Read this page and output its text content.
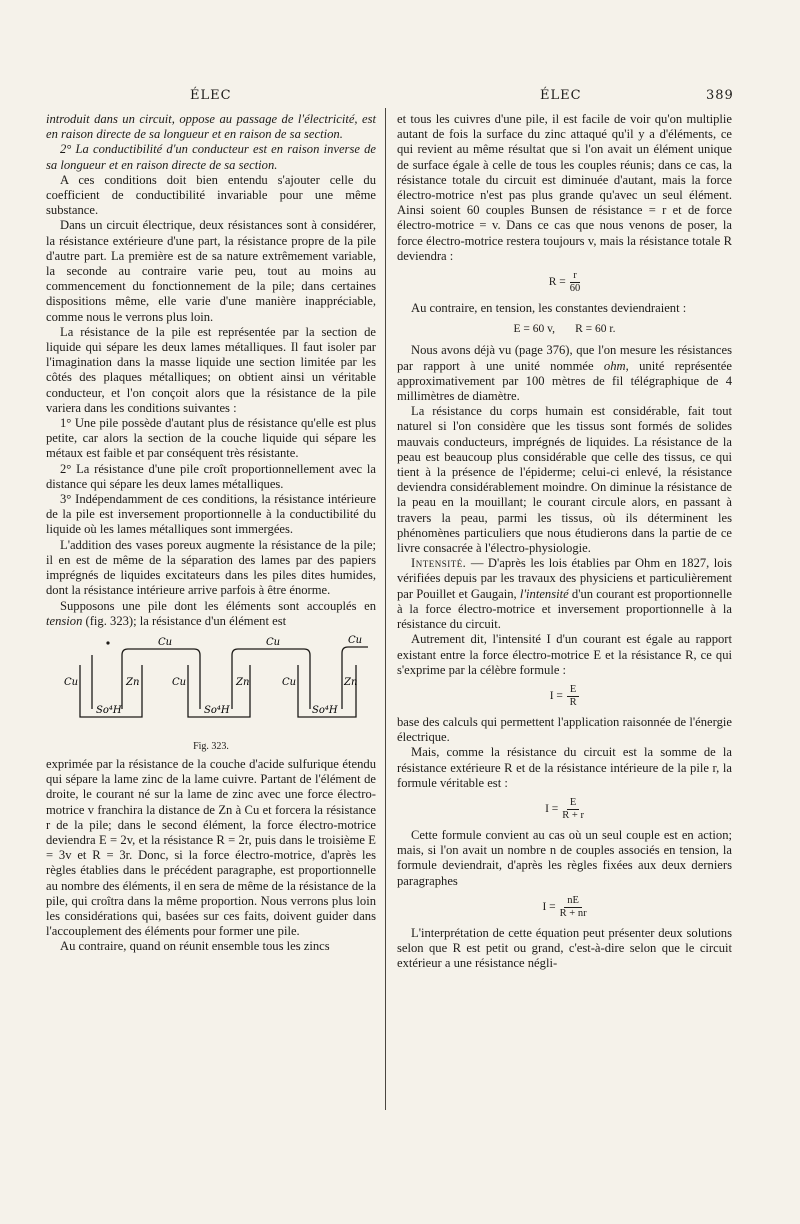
ÉLEC	ÉLEC	389

introduit dans un circuit, oppose au passage de l'électricité, est en raison directe de sa longueur et en raison de sa section.

2° La conductibilité d'un conducteur est en raison inverse de sa longueur et en raison directe de sa section.

A ces conditions doit bien entendu s'ajouter celle du coefficient de conductibilité invariable pour une même substance.

Dans un circuit électrique, deux résistances sont à considérer, la résistance extérieure d'une part, la résistance propre de la pile d'autre part. La première est de sa nature extrêmement variable, la seconde au contraire varie peu, tout au moins au commencement du fonctionnement de la pile; dans certaines dispositions même, elle varie d'une manière inappréciable, comme nous le verrons plus loin.

La résistance de la pile est représentée par la section de liquide qui sépare les deux lames métalliques. Il faut isoler par l'imagination dans la masse liquide une section limitée par les côtés des plaques métalliques; on obtient ainsi un véritable conducteur, et l'on conçoit alors que la résistance de la pile variera dans les conditions suivantes :

1° Une pile possède d'autant plus de résistance qu'elle est plus petite, car alors la section de la couche liquide qui sépare les métaux est faible et par conséquent très résistante.

2° La résistance d'une pile croît proportionnellement avec la distance qui sépare les deux lames métalliques.

3° Indépendamment de ces conditions, la résistance intérieure de la pile est inversement proportionnelle à la conductibilité du liquide où les lames métalliques sont immergées.

L'addition des vases poreux augmente la résistance de la pile; il en est de même de la séparation des lames par des papiers imprégnés de liquides excitateurs dans les piles dites humides, dont la résistance intérieure arrive parfois à être énorme.

Supposons une pile dont les éléments sont accouplés en tension (fig. 323); la résistance d'un élément est

Cu	Cu	Cu
Cu	Cu	Cu
Zn	Zn	Zn
So⁴H	So⁴H	So⁴H
Fig. 323.

exprimée par la résistance de la couche d'acide sulfurique étendu qui sépare la lame zinc de la lame cuivre. Partant de l'élément de droite, le courant né sur la lame de zinc avec une force électro-motrice v franchira la distance de Zn à Cu et forcera la résistance r de la pile; dans le second élément, la force électro-motrice deviendra E = 2v, et la résistance R = 2r, puis dans le troisième E = 3v et R = 3r. Donc, si la force électro-motrice, d'après les règles établies dans le précédent paragraphe, est proportionnelle au nombre des éléments, il en sera de même de la résistance de la pile, qui croîtra dans la même proportion. Nous verrons plus loin les considérations qui, basées sur ces faits, doivent guider dans l'accouplement des éléments pour former une pile.

Au contraire, quand on réunit ensemble tous les zincs

et tous les cuivres d'une pile, il est facile de voir qu'on multiplie autant de fois la surface du zinc attaqué qu'il y a d'éléments, ce qui revient au même résultat que si l'on avait un élément unique de surface égale à celle de tous les couples réunis; dans ce cas, la résistance totale du circuit est diminuée d'autant, mais la force électro-motrice n'est pas plus grande qu'avec un seul élément. Ainsi soient 60 couples Bunsen de résistance = r et de force électro-motrice = v. Dans ce cas que nous venons de poser, la force électro-motrice restera toujours v, mais la résistance totale R deviendra :

$R = \frac{r}{60}$

Au contraire, en tension, les constantes deviendraient :

E = 60 v,       R = 60 r.

Nous avons déjà vu (page 376), que l'on mesure les résistances par rapport à une unité nommée ohm, unité représentée approximativement par 100 mètres de fil télégraphique de 4 millimètres de diamètre.

La résistance du corps humain est considérable, fait tout naturel si l'on considère que les tissus sont formés de solides mauvais conducteurs, imprégnés de liquides. La résistance de la peau est beaucoup plus considérable que celle des tissus, ce qui tient à la présence de l'épiderme; celui-ci enlevé, la résistance deviendra considérablement moindre. On diminue la résistance de la peau en la mouillant; le courant circule alors, en passant à travers la peau, parmi les tissus, où ils déterminent les phénomènes particuliers que nous étudierons dans la partie de ce livre consacrée à l'électro-physiologie.

Intensité. — D'après les lois établies par Ohm en 1827, lois vérifiées depuis par les travaux des physiciens et particulièrement par Pouillet et Gaugain, l'intensité d'un courant est proportionnelle à la force électro-motrice et inversement proportionnelle à la résistance du circuit.

Autrement dit, l'intensité I d'un courant est égale au rapport existant entre la force électro-motrice E et la résistance R, ce qui s'exprime par la célèbre formule :

$I = \frac{E}{R}$

base des calculs qui permettent l'application raisonnée de l'énergie électrique.

Mais, comme la résistance du circuit est la somme de la résistance extérieure R et de la résistance intérieure de la pile r, la formule véritable est :

$I = \frac{E}{R + r}$

Cette formule convient au cas où un seul couple est en action; mais, si l'on avait un nombre n de couples associés en tension, la formule deviendrait, d'après les règles fixées aux deux derniers paragraphes

$I = \frac{nE}{R + nr}$

L'interprétation de cette équation peut présenter deux solutions selon que R est petit ou grand, c'est-à-dire selon que le circuit extérieur a une résistance négli-
